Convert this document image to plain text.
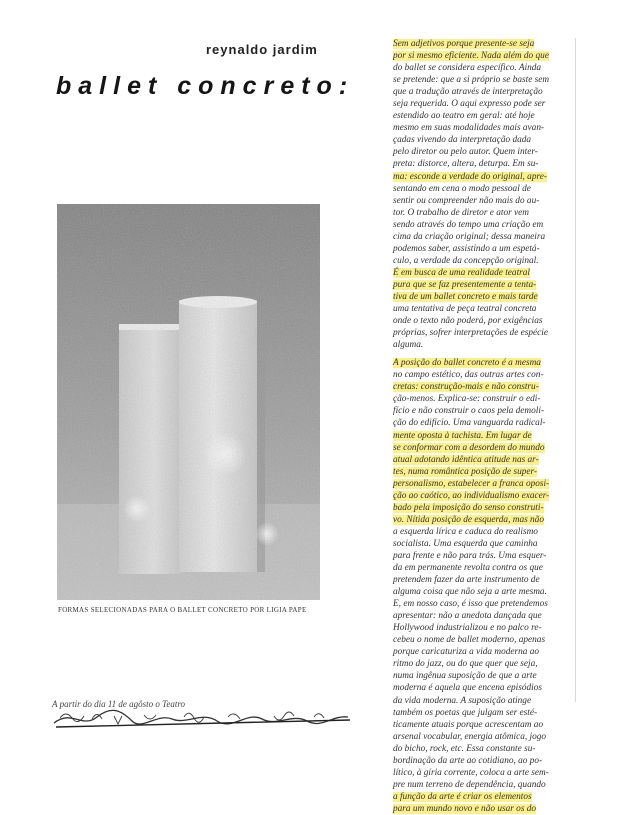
reynaldo jardim
ballet concreto:
FORMAS SELECIONADAS PARA O BALLET CONCRETO POR LIGIA PAPE
A partir do dia 11 de agôsto o Teatro
Sem adjetivos porque presente-se seja
por si mesmo eficiente. Nada além do que
do ballet se considera específico. Ainda
se pretende: que a si próprio se baste sem
que a tradução através de interpretação
seja requerida. O aqui expresso pode ser
estendido ao teatro em geral: até hoje
mesmo em suas modalidades mais avan-
çadas vivendo da interpretação dada
pelo diretor ou pelo autor. Quem inter-
preta: distorce, altera, deturpa. Em su-
ma: esconde a verdade do original, apre-
sentando em cena o modo pessoal de
sentir ou compreender não mais do au-
tor. O trabalho de diretor e ator vem
sendo através do tempo uma criação em
cima da criação original; dessa maneira
podemos saber, assistindo a um espetá-
culo, a verdade da concepção original.
É em busca de uma realidade teatral
pura que se faz presentemente a tenta-
tiva de um ballet concreto e mais tarde
uma tentativa de peça teatral concreta
onde o texto não poderá, por exigências
próprias, sofrer interpretações de espécie
alguma.
A posição do ballet concreto é a mesma
no campo estético, das outras artes con-
cretas: construção-mais e não constru-
ção-menos. Explica-se: construir o edi-
fício e não construir o caos pela demoli-
ção do edifício. Uma vanguarda radical-
mente oposta à tachista. Em lugar de
se conformar com a desordem do mundo
atual adotando idêntica atitude nas ar-
tes, numa romântica posição de super-
personalismo, estabelecer a franca oposi-
ção ao caótico, ao individualismo exacer-
bado pela imposição do senso construti-
vo. Nítida posição de esquerda, mas não
a esquerda lírica e caduca do realismo
socialista. Uma esquerda que caminha
para frente e não para trás. Uma esquer-
da em permanente revolta contra os que
pretendem fazer da arte instrumento de
alguma coisa que não seja a arte mesma.
E, em nosso caso, é isso que pretendemos
apresentar: não a anedota dançada que
Hollywood industrializou e no palco re-
cebeu o nome de ballet moderno, apenas
porque caricaturiza a vida moderna ao
ritmo do jazz, ou do que quer que seja,
numa ingênua suposição de que a arte
moderna é aquela que encena episódios
da vida moderna. A suposição atinge
também os poetas que julgam ser esté-
ticamente atuais porque acrescentam ao
arsenal vocabular, energia atômica, jogo
do bicho, rock, etc. Essa constante su-
bordinação da arte ao cotidiano, ao po-
lítico, à gíria corrente, coloca a arte sem-
pre num terreno de dependência, quando
a função da arte é criar os elementos
para um mundo novo e não usar os do
